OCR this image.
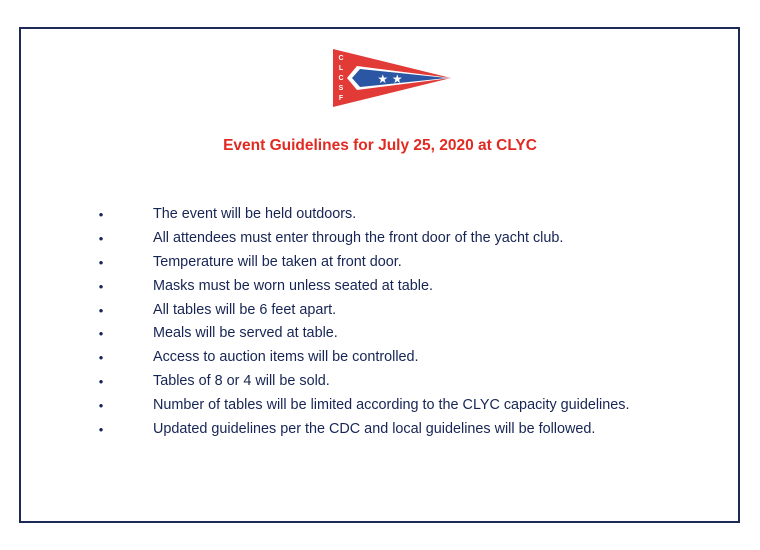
★ ★
C
L
C
S
F
Event Guidelines for July 25, 2020 at CLYC
•	The event will be held outdoors.
•	All attendees must enter through the front door of the yacht club.
•	Temperature will be taken at front door.
•	Masks must be worn unless seated at table.
•	All tables will be 6 feet apart.
•	Meals will be served at table.
•	Access to auction items will be controlled.
•	Tables of 8 or 4 will be sold.
•	Number of tables will be limited according to the CLYC capacity guidelines.
•	Updated guidelines per the CDC and local guidelines will be followed.
